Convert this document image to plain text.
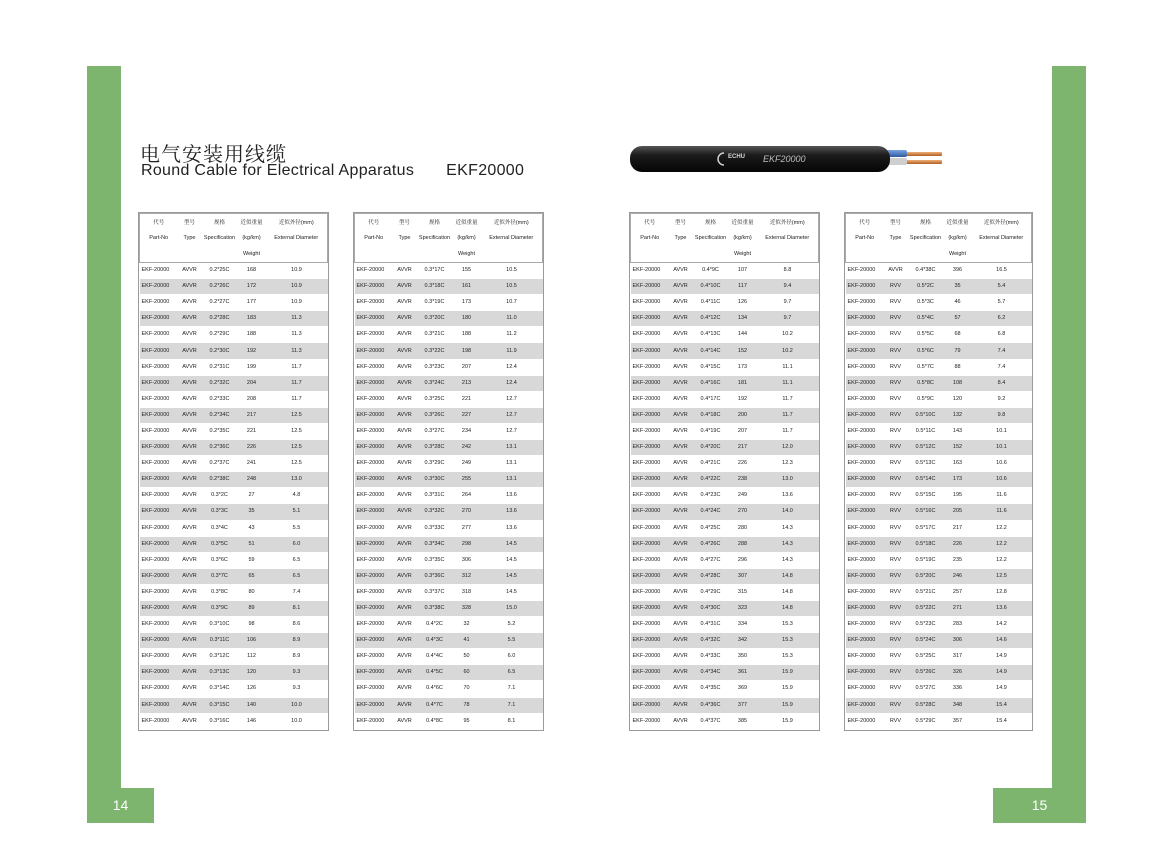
14	15
电气安装用线缆
Round Cable for Electrical Apparatus EKF20000
ECHU EKF20000
代号	型号	规格	近似重量	近似外径(mm)
Part-No	Type	Specification	(kg/km)	External Diameter
			Weight	
EKF-20000	AVVR	0.2*25C	168	10.9
EKF-20000	AVVR	0.2*26C	172	10.9
EKF-20000	AVVR	0.2*27C	177	10.9
EKF-20000	AVVR	0.2*28C	183	11.3
EKF-20000	AVVR	0.2*29C	188	11.3
EKF-20000	AVVR	0.2*30C	192	11.3
EKF-20000	AVVR	0.2*31C	199	11.7
EKF-20000	AVVR	0.2*32C	204	11.7
EKF-20000	AVVR	0.2*33C	208	11.7
EKF-20000	AVVR	0.2*34C	217	12.5
EKF-20000	AVVR	0.2*35C	221	12.5
EKF-20000	AVVR	0.2*36C	226	12.5
EKF-20000	AVVR	0.2*37C	241	12.5
EKF-20000	AVVR	0.2*38C	248	13.0
EKF-20000	AVVR	0.3*2C	27	4.8
EKF-20000	AVVR	0.3*3C	35	5.1
EKF-20000	AVVR	0.3*4C	43	5.5
EKF-20000	AVVR	0.3*5C	51	6.0
EKF-20000	AVVR	0.3*6C	59	6.5
EKF-20000	AVVR	0.3*7C	65	6.5
EKF-20000	AVVR	0.3*8C	80	7.4
EKF-20000	AVVR	0.3*9C	89	8.1
EKF-20000	AVVR	0.3*10C	98	8.6
EKF-20000	AVVR	0.3*11C	106	8.9
EKF-20000	AVVR	0.3*12C	112	8.9
EKF-20000	AVVR	0.3*13C	120	9.3
EKF-20000	AVVR	0.3*14C	126	9.3
EKF-20000	AVVR	0.3*15C	140	10.0
EKF-20000	AVVR	0.3*16C	146	10.0
代号	型号	规格	近似重量	近似外径(mm)
Part-No	Type	Specification	(kg/km)	External Diameter
			Weight	
EKF-20000	AVVR	0.3*17C	155	10.5
EKF-20000	AVVR	0.3*18C	161	10.5
EKF-20000	AVVR	0.3*19C	173	10.7
EKF-20000	AVVR	0.3*20C	180	11.0
EKF-20000	AVVR	0.3*21C	188	11.2
EKF-20000	AVVR	0.3*22C	198	11.9
EKF-20000	AVVR	0.3*23C	207	12.4
EKF-20000	AVVR	0.3*24C	213	12.4
EKF-20000	AVVR	0.3*25C	221	12.7
EKF-20000	AVVR	0.3*26C	227	12.7
EKF-20000	AVVR	0.3*27C	234	12.7
EKF-20000	AVVR	0.3*28C	242	13.1
EKF-20000	AVVR	0.3*29C	249	13.1
EKF-20000	AVVR	0.3*30C	255	13.1
EKF-20000	AVVR	0.3*31C	264	13.6
EKF-20000	AVVR	0.3*32C	270	13.6
EKF-20000	AVVR	0.3*33C	277	13.6
EKF-20000	AVVR	0.3*34C	298	14.5
EKF-20000	AVVR	0.3*35C	306	14.5
EKF-20000	AVVR	0.3*36C	312	14.5
EKF-20000	AVVR	0.3*37C	318	14.5
EKF-20000	AVVR	0.3*38C	328	15.0
EKF-20000	AVVR	0.4*2C	32	5.2
EKF-20000	AVVR	0.4*3C	41	5.5
EKF-20000	AVVR	0.4*4C	50	6.0
EKF-20000	AVVR	0.4*5C	60	6.5
EKF-20000	AVVR	0.4*6C	70	7.1
EKF-20000	AVVR	0.4*7C	78	7.1
EKF-20000	AVVR	0.4*8C	95	8.1
代号	型号	规格	近似重量	近似外径(mm)
Part-No	Type	Specification	(kg/km)	External Diameter
			Weight	
EKF-20000	AVVR	0.4*9C	107	8.8
EKF-20000	AVVR	0.4*10C	117	9.4
EKF-20000	AVVR	0.4*11C	126	9.7
EKF-20000	AVVR	0.4*12C	134	9.7
EKF-20000	AVVR	0.4*13C	144	10.2
EKF-20000	AVVR	0.4*14C	152	10.2
EKF-20000	AVVR	0.4*15C	173	11.1
EKF-20000	AVVR	0.4*16C	181	11.1
EKF-20000	AVVR	0.4*17C	192	11.7
EKF-20000	AVVR	0.4*18C	200	11.7
EKF-20000	AVVR	0.4*19C	207	11.7
EKF-20000	AVVR	0.4*20C	217	12.0
EKF-20000	AVVR	0.4*21C	226	12.3
EKF-20000	AVVR	0.4*22C	238	13.0
EKF-20000	AVVR	0.4*23C	249	13.6
EKF-20000	AVVR	0.4*24C	270	14.0
EKF-20000	AVVR	0.4*25C	280	14.3
EKF-20000	AVVR	0.4*26C	288	14.3
EKF-20000	AVVR	0.4*27C	296	14.3
EKF-20000	AVVR	0.4*28C	307	14.8
EKF-20000	AVVR	0.4*29C	315	14.8
EKF-20000	AVVR	0.4*30C	323	14.8
EKF-20000	AVVR	0.4*31C	334	15.3
EKF-20000	AVVR	0.4*32C	342	15.3
EKF-20000	AVVR	0.4*33C	350	15.3
EKF-20000	AVVR	0.4*34C	361	15.9
EKF-20000	AVVR	0.4*35C	369	15.9
EKF-20000	AVVR	0.4*36C	377	15.9
EKF-20000	AVVR	0.4*37C	385	15.9
代号	型号	规格	近似重量	近似外径(mm)
Part-No	Type	Specification	(kg/km)	External Diameter
			Weight	
EKF-20000	AVVR	0.4*38C	396	16.5
EKF-20000	RVV	0.5*2C	35	5.4
EKF-20000	RVV	0.5*3C	46	5.7
EKF-20000	RVV	0.5*4C	57	6.2
EKF-20000	RVV	0.5*5C	68	6.8
EKF-20000	RVV	0.5*6C	79	7.4
EKF-20000	RVV	0.5*7C	88	7.4
EKF-20000	RVV	0.5*8C	108	8.4
EKF-20000	RVV	0.5*9C	120	9.2
EKF-20000	RVV	0.5*10C	132	9.8
EKF-20000	RVV	0.5*11C	143	10.1
EKF-20000	RVV	0.5*12C	152	10.1
EKF-20000	RVV	0.5*13C	163	10.6
EKF-20000	RVV	0.5*14C	173	10.6
EKF-20000	RVV	0.5*15C	195	11.6
EKF-20000	RVV	0.5*16C	205	11.6
EKF-20000	RVV	0.5*17C	217	12.2
EKF-20000	RVV	0.5*18C	226	12.2
EKF-20000	RVV	0.5*19C	235	12.2
EKF-20000	RVV	0.5*20C	246	12.5
EKF-20000	RVV	0.5*21C	257	12.8
EKF-20000	RVV	0.5*22C	271	13.6
EKF-20000	RVV	0.5*23C	283	14.2
EKF-20000	RVV	0.5*24C	306	14.6
EKF-20000	RVV	0.5*25C	317	14.9
EKF-20000	RVV	0.5*26C	326	14.9
EKF-20000	RVV	0.5*27C	336	14.9
EKF-20000	RVV	0.5*28C	348	15.4
EKF-20000	RVV	0.5*29C	357	15.4
